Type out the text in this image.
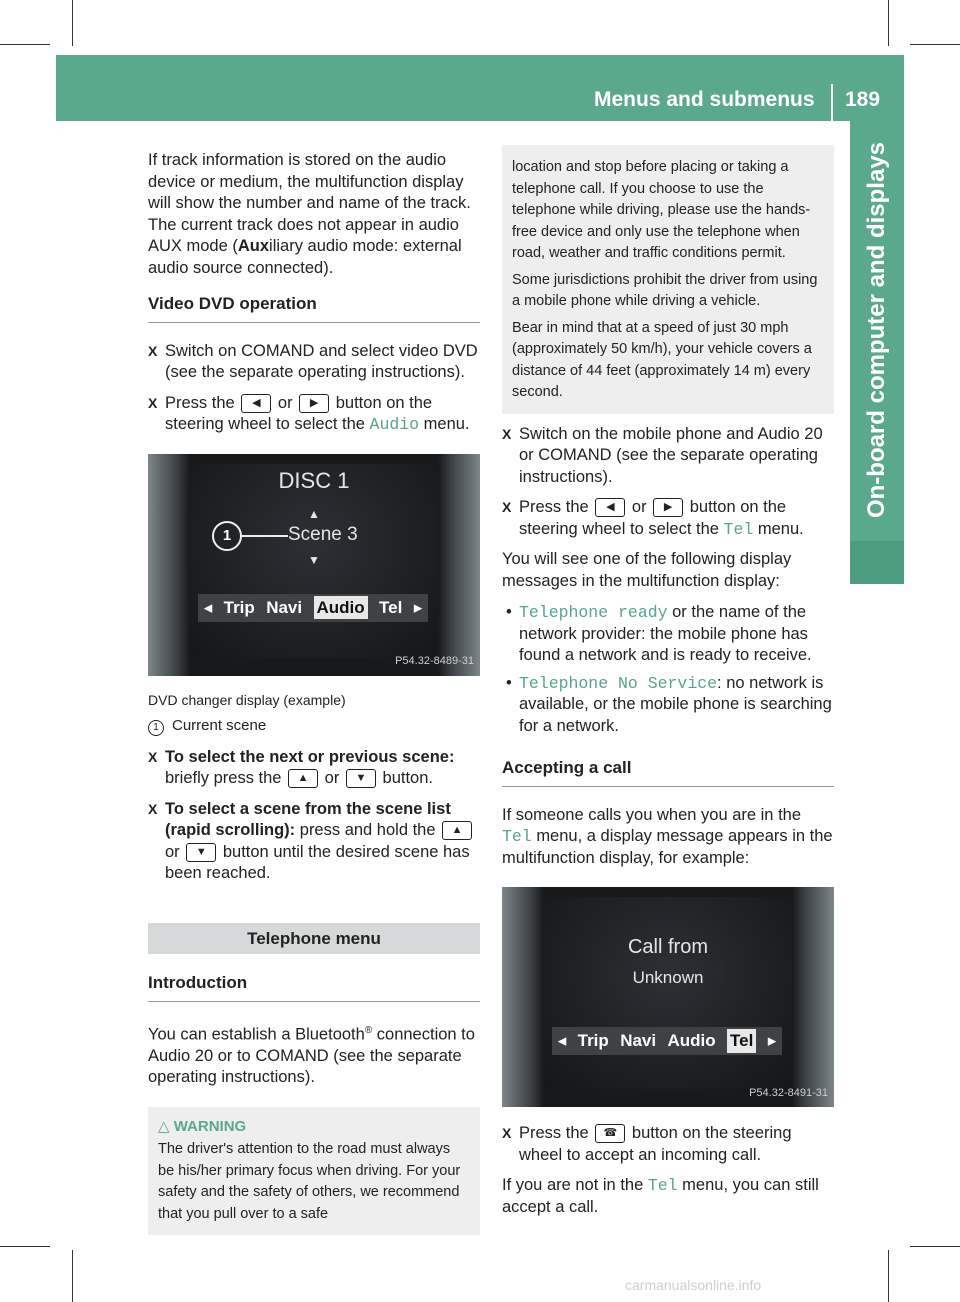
Menus and submenus 189
On-board computer and displays

If track information is stored on the audio device or medium, the multifunction display will show the number and name of the track. The current track does not appear in audio AUX mode (Auxiliary audio mode: external audio source connected).

Video DVD operation
X Switch on COMAND and select video DVD (see the separate operating instructions).
X Press the ◀ or ▶ button on the steering wheel to select the Audio menu.
DISC 1
▲
Scene 3
▼
1
◂ Trip Navi Audio Tel ▸
P54.32-8489-31
DVD changer display (example)

1 Current scene

X To select the next or previous scene: briefly press the ▲ or ▼ button.
X To select a scene from the scene list (rapid scrolling): press and hold the ▲ or ▼ button until the desired scene has been reached.
Telephone menu
Introduction

You can establish a Bluetooth® connection to Audio 20 or to COMAND (see the separate operating instructions).

△ WARNING
The driver's attention to the road must always be his/her primary focus when driving. For your safety and the safety of others, we recommend that you pull over to a safe
location and stop before placing or taking a telephone call. If you choose to use the telephone while driving, please use the hands-free device and only use the telephone when road, weather and traffic conditions permit.
Some jurisdictions prohibit the driver from using a mobile phone while driving a vehicle.
Bear in mind that at a speed of just 30 mph (approximately 50 km/h), your vehicle covers a distance of 44 feet (approximately 14 m) every second.
X Switch on the mobile phone and Audio 20 or COMAND (see the separate operating instructions).
X Press the ◀ or ▶ button on the steering wheel to select the Tel menu.

You will see one of the following display messages in the multifunction display:

• Telephone ready or the name of the network provider: the mobile phone has found a network and is ready to receive.
• Telephone No Service: no network is available, or the mobile phone is searching for a network.
Accepting a call

If someone calls you when you are in the Tel menu, a display message appears in the multifunction display, for example:

Call from
Unknown
◂ Trip Navi Audio Tel ▸
P54.32-8491-31
X Press the ☎ button on the steering wheel to accept an incoming call.

If you are not in the Tel menu, you can still accept a call.

carmanualsonline.info
